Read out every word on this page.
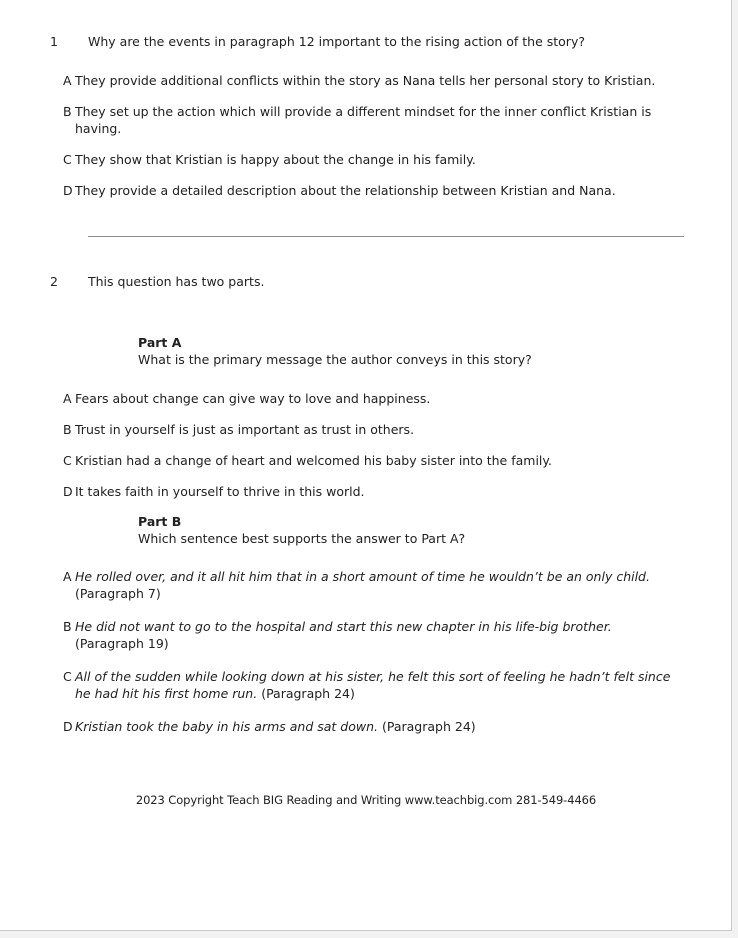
1	Why are the events in paragraph 12 important to the rising action of the story?
A They provide additional conflicts within the story as Nana tells her personal story to Kristian.
B They set up the action which will provide a different mindset for the inner conflict Kristian is having.
C They show that Kristian is happy about the change in his family.
D They provide a detailed description about the relationship between Kristian and Nana.
2	This question has two parts.
Part A
What is the primary message the author conveys in this story?
A Fears about change can give way to love and happiness.
B Trust in yourself is just as important as trust in others.
C Kristian had a change of heart and welcomed his baby sister into the family.
D It takes faith in yourself to thrive in this world.
Part B
Which sentence best supports the answer to Part A?
A He rolled over, and it all hit him that in a short amount of time he wouldn’t be an only child. (Paragraph 7)
B He did not want to go to the hospital and start this new chapter in his life-big brother. (Paragraph 19)
C All of the sudden while looking down at his sister, he felt this sort of feeling he hadn’t felt since he had hit his first home run. (Paragraph 24)
D Kristian took the baby in his arms and sat down. (Paragraph 24)
2023 Copyright Teach BIG Reading and Writing www.teachbig.com 281-549-4466
